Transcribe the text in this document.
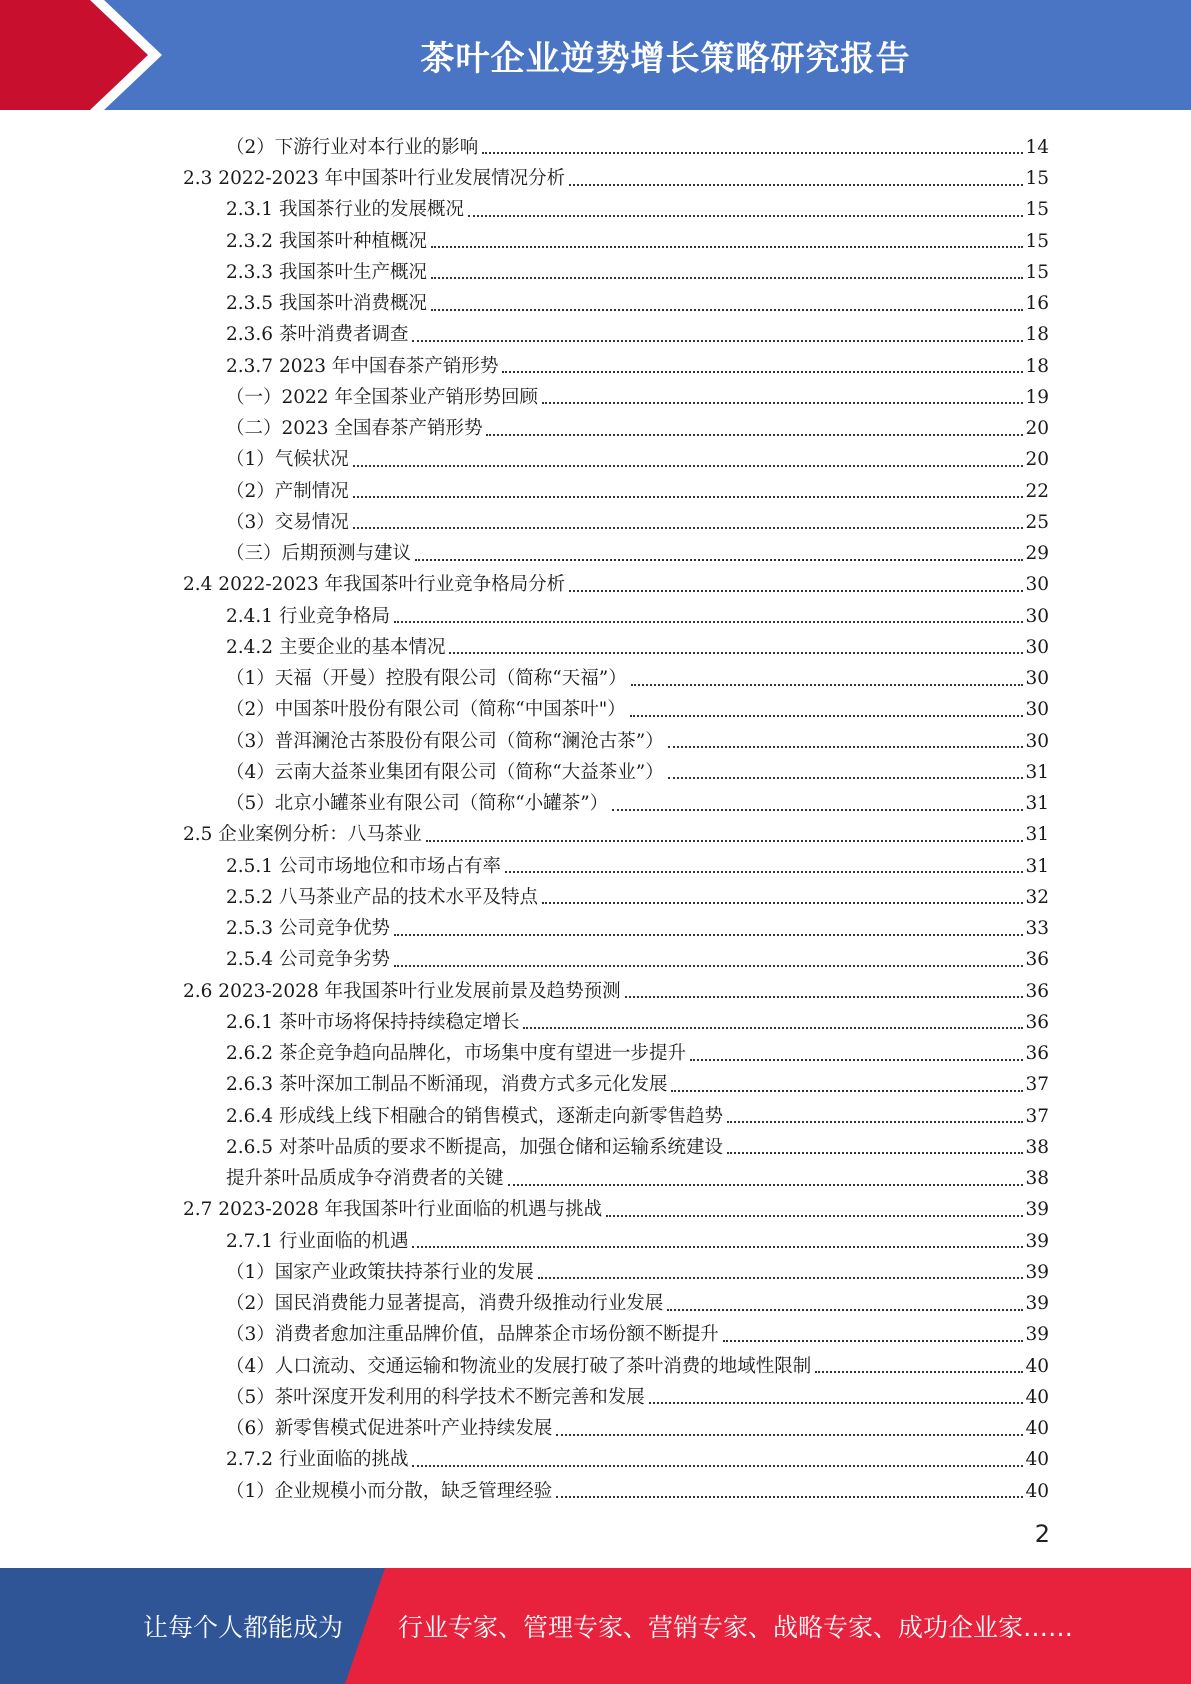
茶叶企业逆势增长策略研究报告
（2）下游行业对本行业的影响	14
2.3 2022-2023 年中国茶叶行业发展情况分析	15
2.3.1 我国茶行业的发展概况	15
2.3.2 我国茶叶种植概况	15
2.3.3 我国茶叶生产概况	15
2.3.5 我国茶叶消费概况	16
2.3.6 茶叶消费者调查	18
2.3.7 2023 年中国春茶产销形势	18
（一）2022 年全国茶业产销形势回顾	19
（二）2023 全国春茶产销形势	20
（1）气候状况	20
（2）产制情况	22
（3）交易情况	25
（三）后期预测与建议	29
2.4 2022-2023 年我国茶叶行业竞争格局分析	30
2.4.1 行业竞争格局	30
2.4.2 主要企业的基本情况	30
（1）天福（开曼）控股有限公司（简称“天福”）	30
（2）中国茶叶股份有限公司（简称“中国茶叶"）	30
（3）普洱澜沧古茶股份有限公司（简称“澜沧古茶”）	30
（4）云南大益茶业集团有限公司（简称“大益茶业”）	31
（5）北京小罐茶业有限公司（简称“小罐茶”）	31
2.5 企业案例分析：八马茶业	31
2.5.1 公司市场地位和市场占有率	31
2.5.2 八马茶业产品的技术水平及特点	32
2.5.3 公司竞争优势	33
2.5.4 公司竞争劣势	36
2.6 2023-2028 年我国茶叶行业发展前景及趋势预测	36
2.6.1 茶叶市场将保持持续稳定增长	36
2.6.2 茶企竞争趋向品牌化，市场集中度有望进一步提升	36
2.6.3 茶叶深加工制品不断涌现，消费方式多元化发展	37
2.6.4 形成线上线下相融合的销售模式，逐渐走向新零售趋势	37
2.6.5 对茶叶品质的要求不断提高，加强仓储和运输系统建设	38
提升茶叶品质成争夺消费者的关键	38
2.7 2023-2028 年我国茶叶行业面临的机遇与挑战	39
2.7.1 行业面临的机遇	39
（1）国家产业政策扶持茶行业的发展	39
（2）国民消费能力显著提高，消费升级推动行业发展	39
（3）消费者愈加注重品牌价值，品牌茶企市场份额不断提升	39
（4）人口流动、交通运输和物流业的发展打破了茶叶消费的地域性限制	40
（5）茶叶深度开发利用的科学技术不断完善和发展	40
（6）新零售模式促进茶叶产业持续发展	40
2.7.2 行业面临的挑战	40
（1）企业规模小而分散，缺乏管理经验	40
2
让每个人都能成为 行业专家、管理专家、营销专家、战略专家、成功企业家……
